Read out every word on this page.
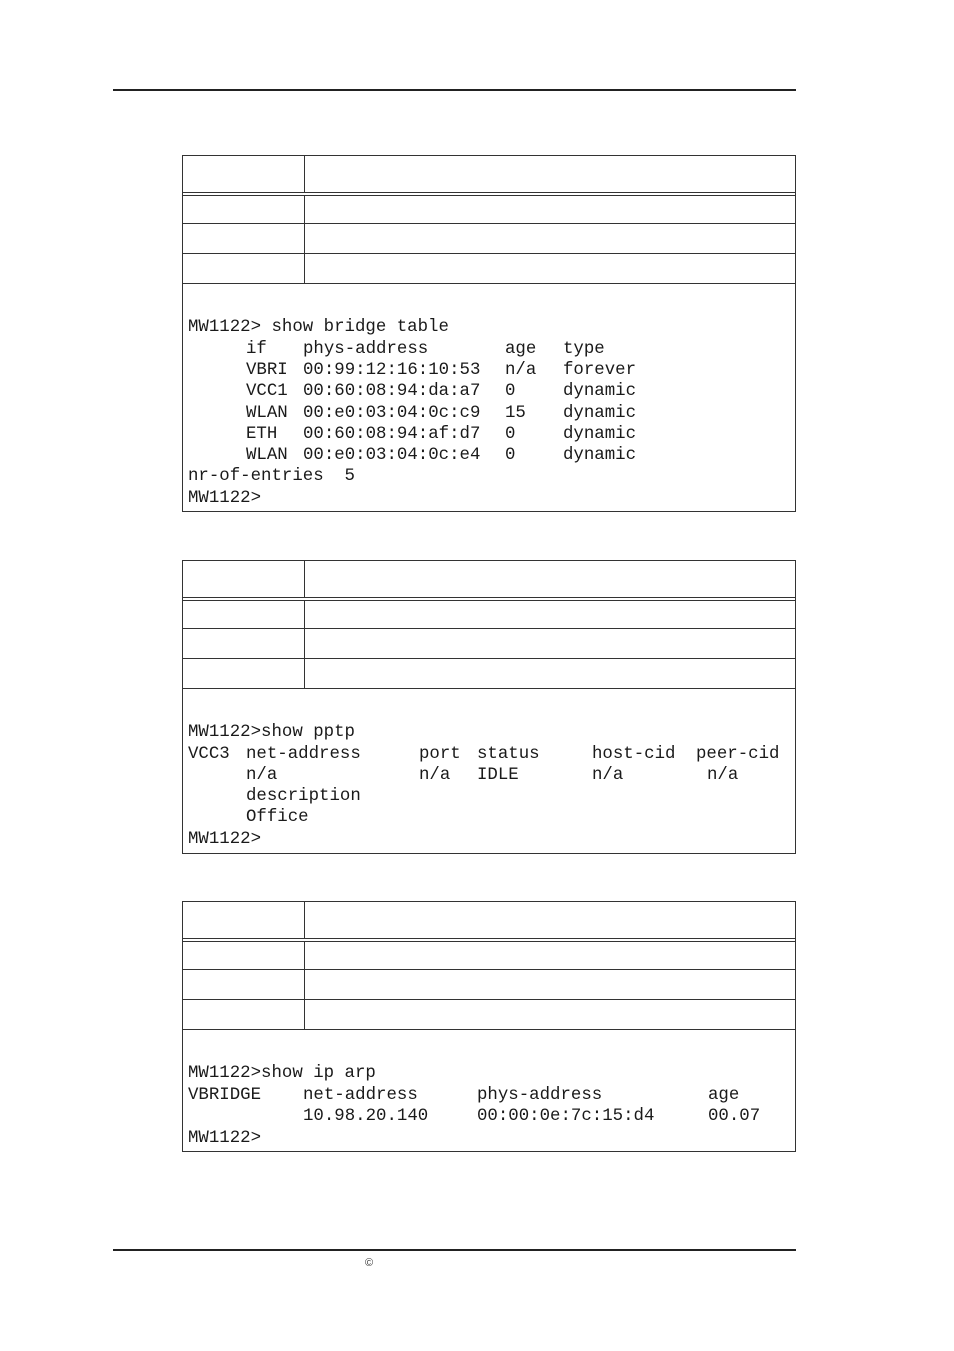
MW1122> show bridge table
if phys-address	age type
VBRI 00:99:12:16:10:53 n/a forever
VCC1 00:60:08:94:da:a7 0	dynamic
WLAN 00:e0:03:04:0c:c9 15 dynamic
ETH 00:60:08:94:af:d7 0	dynamic
WLAN 00:e0:03:04:0c:e4 0	dynamic
nr-of-entries  5
MW1122>
MW1122>show pptp
VCC3 net-address	port status	host-cid peer-cid
n/a	n/a IDLE	n/a	n/a
description
Office
MW1122>
MW1122>show ip arp
VBRIDGE net-address	phys-address	age
10.98.20.140	00:00:0e:7c:15:d4	00.07
MW1122>
©
